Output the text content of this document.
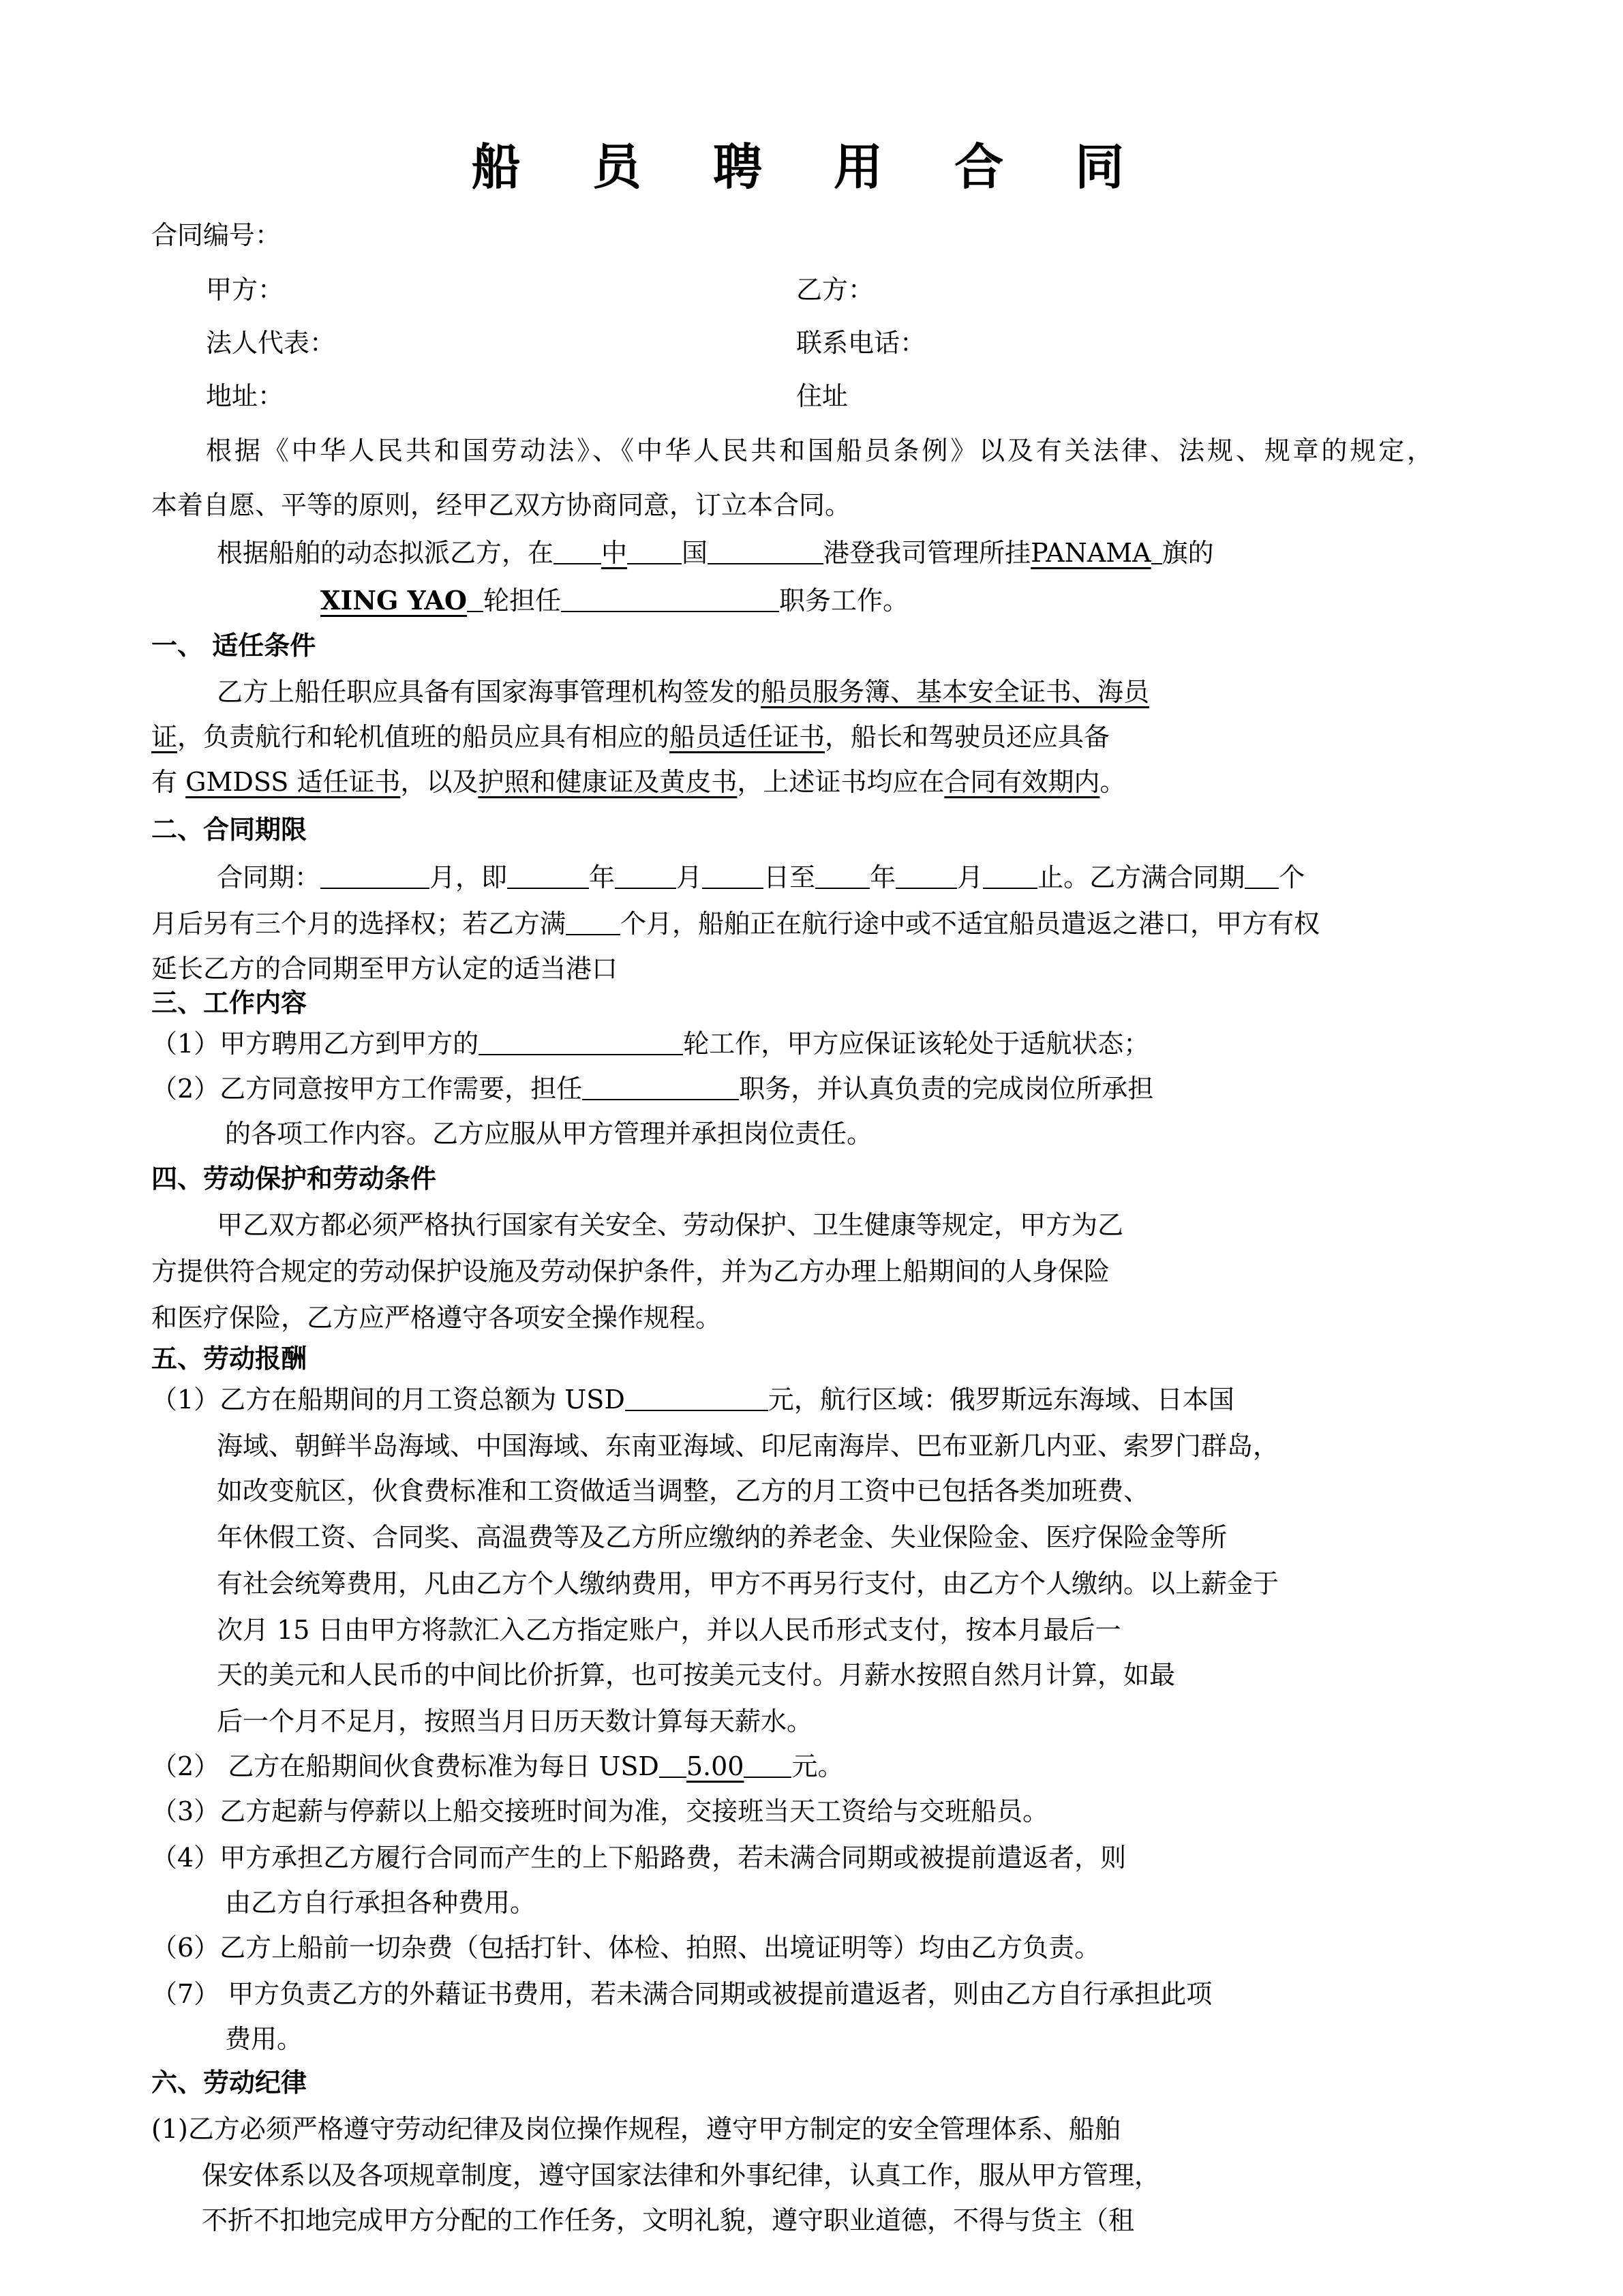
船 员 聘 用 合 同
合同编号：
甲方：	乙方：
法人代表：	联系电话：
地址：	住址
根据《中华人民共和国劳动法》、《中华人民共和国船员条例》以及有关法律、法规、规章的规定，
本着自愿、平等的原则，经甲乙双方协商同意，订立本合同。
根据船舶的动态拟派乙方，在 中 国	港登我司管理所挂PANAMA 旗的
XING YAO 轮担任	职务工作。
一、 适任条件
乙方上船任职应具备有国家海事管理机构签发的船员服务簿、基本安全证书、海员
证，负责航行和轮机值班的船员应具有相应的船员适任证书，船长和驾驶员还应具备
有 GMDSS 适任证书，以及护照和健康证及黄皮书，上述证书均应在合同有效期内。
二、合同期限
合同期：	月，即	年 月 日至 年 月 止。乙方满合同期 个
月后另有三个月的选择权；若乙方满 个月，船舶正在航行途中或不适宜船员遣返之港口，甲方有权
延长乙方的合同期至甲方认定的适当港口
三、工作内容
（1）甲方聘用乙方到甲方的	轮工作，甲方应保证该轮处于适航状态；
（2）乙方同意按甲方工作需要，担任	职务，并认真负责的完成岗位所承担
的各项工作内容。乙方应服从甲方管理并承担岗位责任。
四、劳动保护和劳动条件
甲乙双方都必须严格执行国家有关安全、劳动保护、卫生健康等规定，甲方为乙
方提供符合规定的劳动保护设施及劳动保护条件，并为乙方办理上船期间的人身保险
和医疗保险，乙方应严格遵守各项安全操作规程。
五、劳动报酬
（1）乙方在船期间的月工资总额为 USD	元，航行区域：俄罗斯远东海域、日本国
海域、朝鲜半岛海域、中国海域、东南亚海域、印尼南海岸、巴布亚新几内亚、索罗门群岛，
如改变航区，伙食费标准和工资做适当调整，乙方的月工资中已包括各类加班费、
年休假工资、合同奖、高温费等及乙方所应缴纳的养老金、失业保险金、医疗保险金等所
有社会统筹费用，凡由乙方个人缴纳费用，甲方不再另行支付，由乙方个人缴纳。以上薪金于
次月 15 日由甲方将款汇入乙方指定账户，并以人民币形式支付，按本月最后一
天的美元和人民币的中间比价折算，也可按美元支付。月薪水按照自然月计算，如最
后一个月不足月，按照当月日历天数计算每天薪水。
（2） 乙方在船期间伙食费标准为每日 USD 5.00 元。
（3）乙方起薪与停薪以上船交接班时间为准，交接班当天工资给与交班船员。
（4）甲方承担乙方履行合同而产生的上下船路费，若未满合同期或被提前遣返者，则
由乙方自行承担各种费用。
（6）乙方上船前一切杂费（包括打针、体检、拍照、出境证明等）均由乙方负责。
（7） 甲方负责乙方的外藉证书费用，若未满合同期或被提前遣返者，则由乙方自行承担此项
费用。
六、劳动纪律
(1)乙方必须严格遵守劳动纪律及岗位操作规程，遵守甲方制定的安全管理体系、船舶
保安体系以及各项规章制度，遵守国家法律和外事纪律，认真工作，服从甲方管理，
不折不扣地完成甲方分配的工作任务，文明礼貌，遵守职业道德，不得与货主（租
